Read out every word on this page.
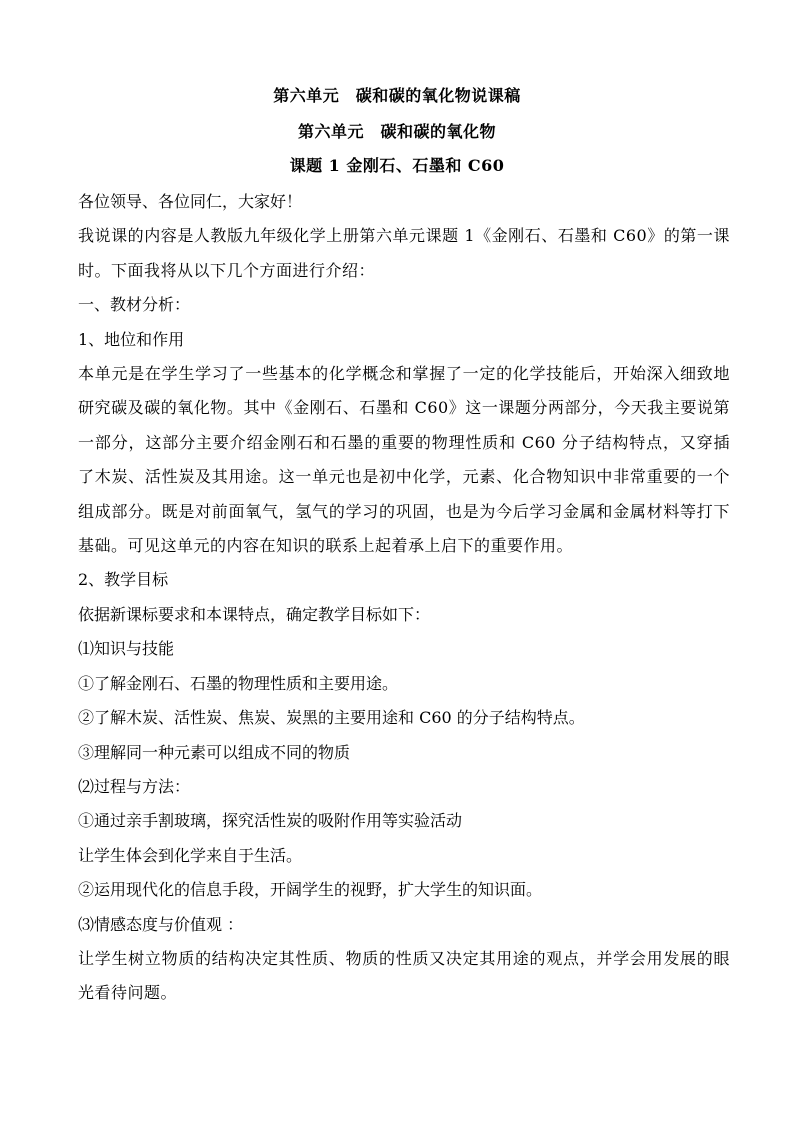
第六单元　碳和碳的氧化物说课稿
第六单元　碳和碳的氧化物
课题 1 金刚石、石墨和 C60

各位领导、各位同仁，大家好！

我说课的内容是人教版九年级化学上册第六单元课题 1《金刚石、石墨和 C60》的第一课时。下面我将从以下几个方面进行介绍：

一、教材分析：

1、地位和作用

本单元是在学生学习了一些基本的化学概念和掌握了一定的化学技能后，开始深入细致地研究碳及碳的氧化物。其中《金刚石、石墨和 C60》这一课题分两部分，今天我主要说第一部分，这部分主要介绍金刚石和石墨的重要的物理性质和 C60 分子结构特点，又穿插了木炭、活性炭及其用途。这一单元也是初中化学，元素、化合物知识中非常重要的一个组成部分。既是对前面氧气，氢气的学习的巩固，也是为今后学习金属和金属材料等打下基础。可见这单元的内容在知识的联系上起着承上启下的重要作用。

2、教学目标

依据新课标要求和本课特点，确定教学目标如下：

⑴知识与技能

①了解金刚石、石墨的物理性质和主要用途。

②了解木炭、活性炭、焦炭、炭黑的主要用途和 C60 的分子结构特点。

③理解同一种元素可以组成不同的物质

⑵过程与方法：

①通过亲手割玻璃，探究活性炭的吸附作用等实验活动

让学生体会到化学来自于生活。

②运用现代化的信息手段，开阔学生的视野，扩大学生的知识面。

⑶情感态度与价值观 ：

让学生树立物质的结构决定其性质、物质的性质又决定其用途的观点，并学会用发展的眼光看待问题。
